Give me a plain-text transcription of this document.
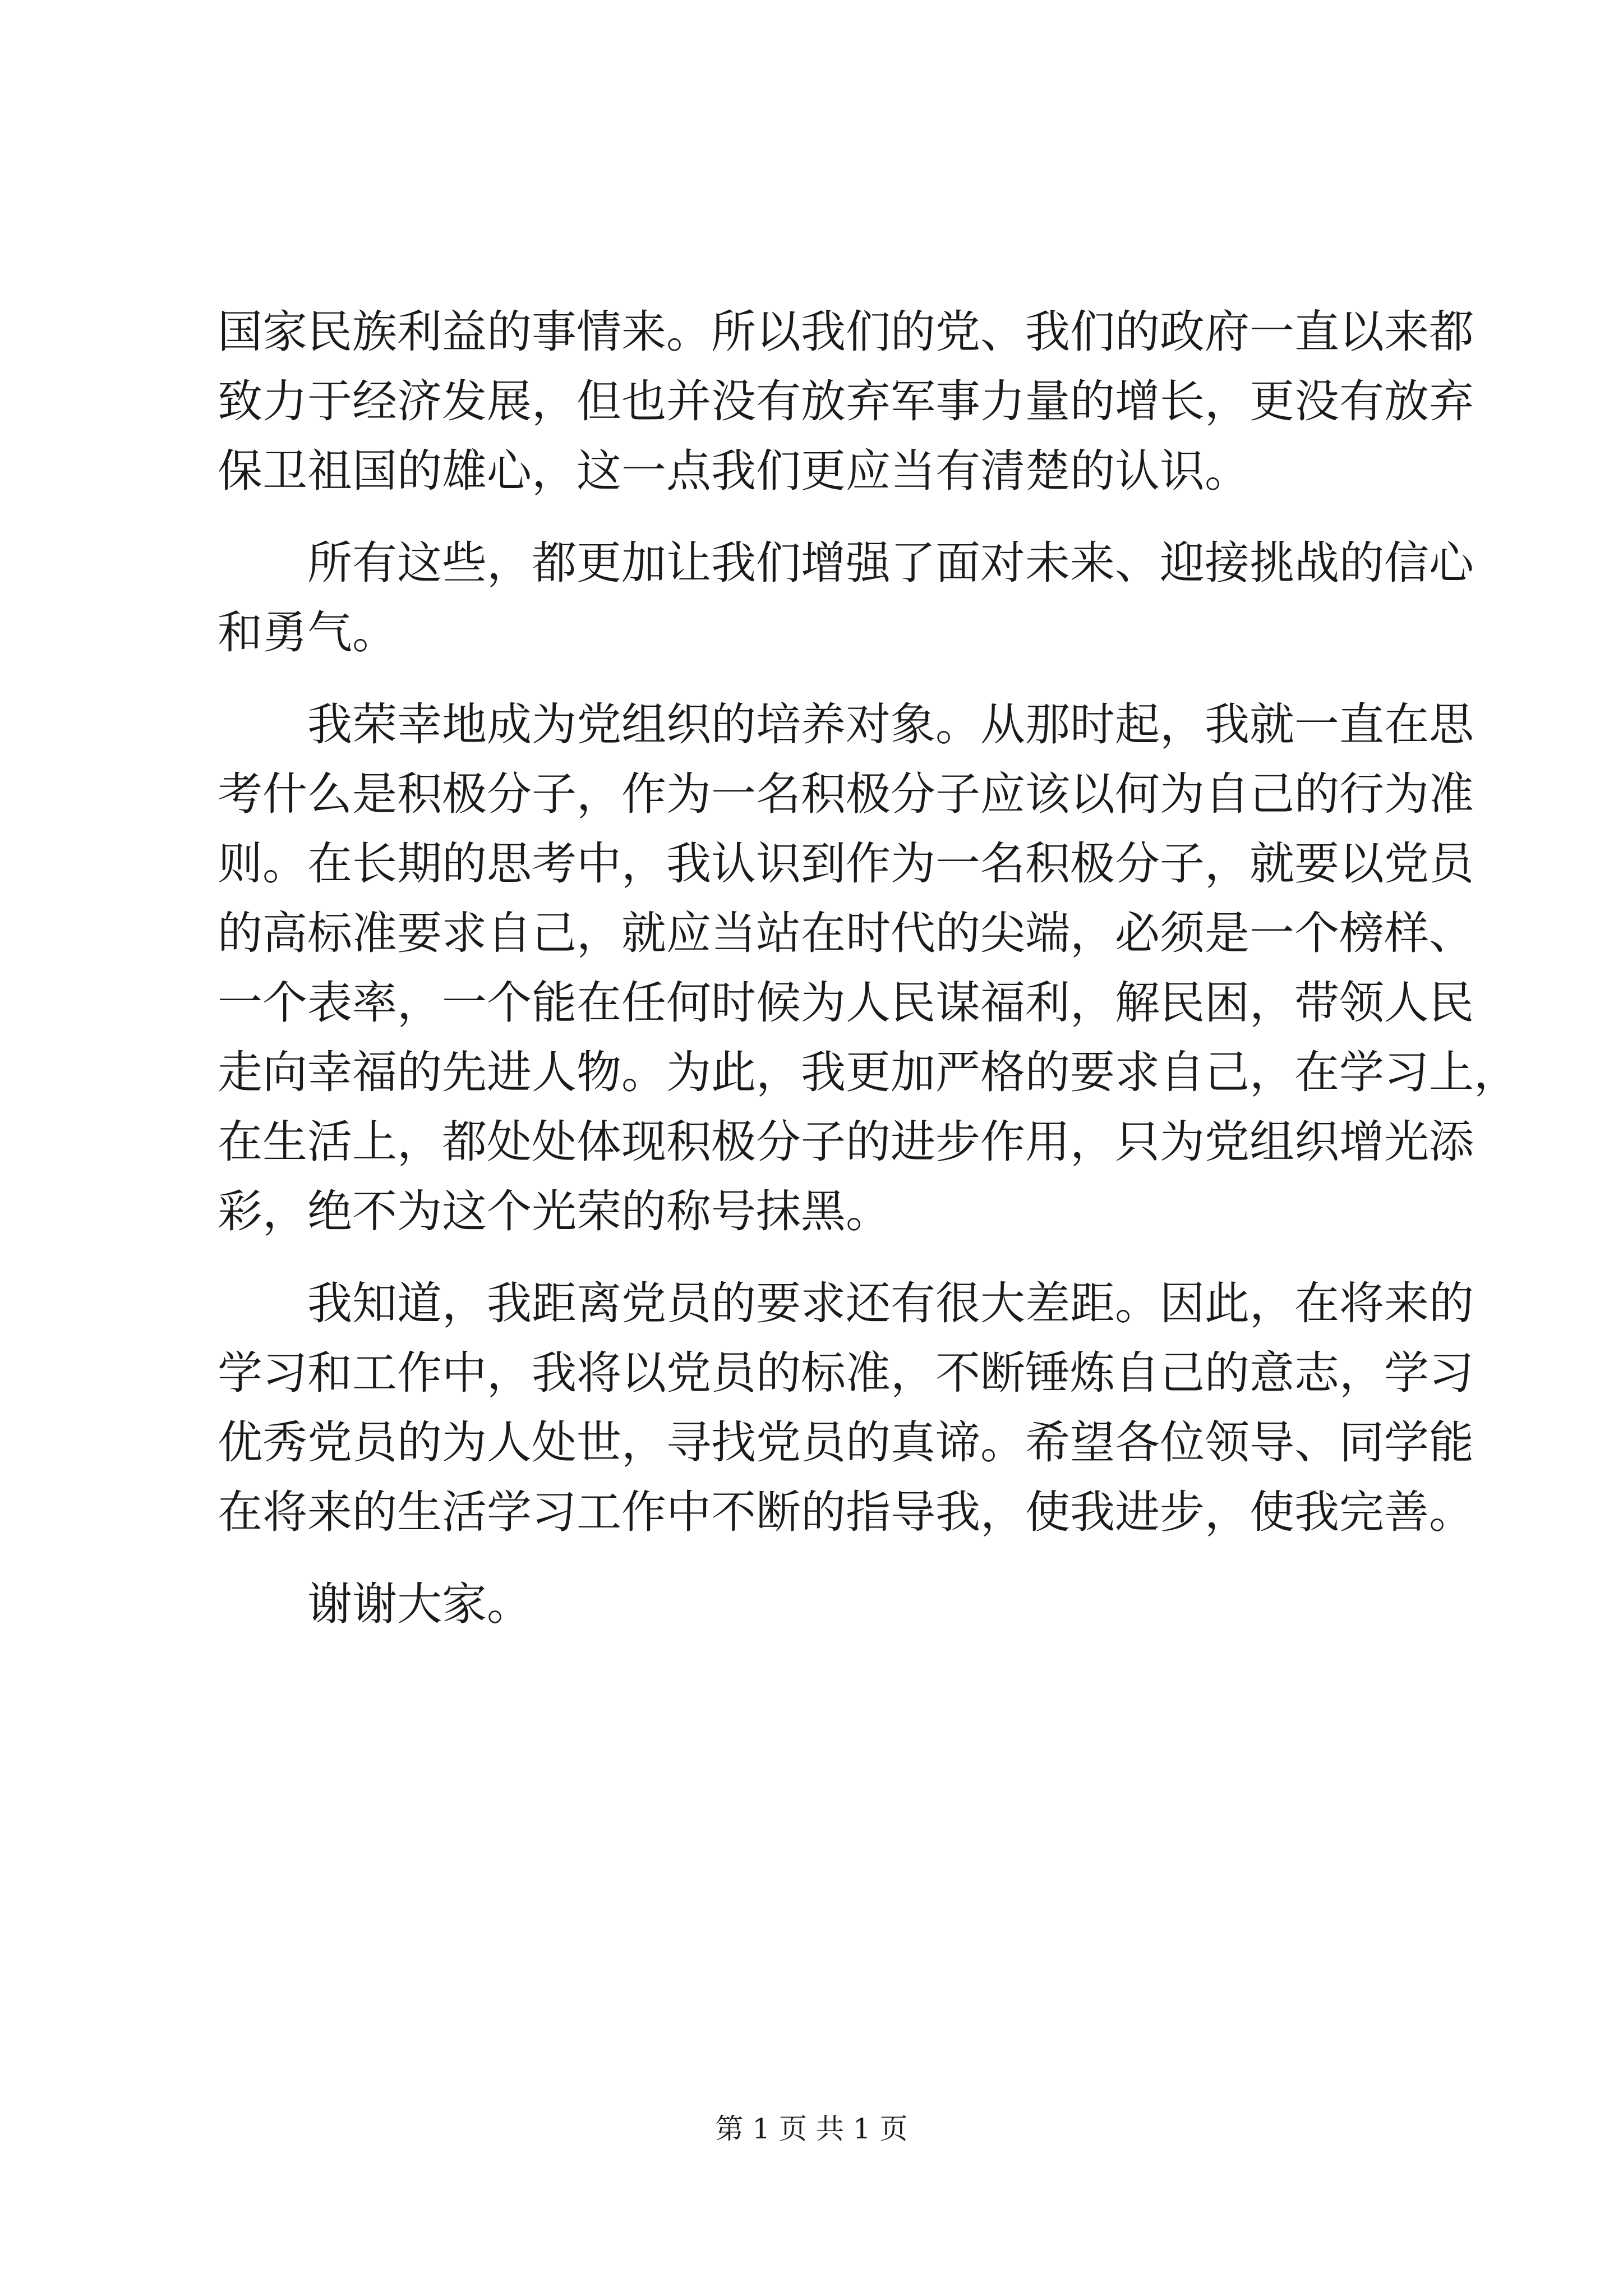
国家民族利益的事情来。所以我们的党、我们的政府一直以来都
致力于经济发展，但也并没有放弃军事力量的增长，更没有放弃
保卫祖国的雄心，这一点我们更应当有清楚的认识。
所有这些，都更加让我们增强了面对未来、迎接挑战的信心
和勇气。
我荣幸地成为党组织的培养对象。从那时起，我就一直在思
考什么是积极分子，作为一名积极分子应该以何为自己的行为准
则。在长期的思考中，我认识到作为一名积极分子，就要以党员
的高标准要求自己，就应当站在时代的尖端，必须是一个榜样、
一个表率，一个能在任何时候为人民谋福利，解民困，带领人民
走向幸福的先进人物。为此，我更加严格的要求自己，在学习上，
在生活上，都处处体现积极分子的进步作用，只为党组织增光添
彩，绝不为这个光荣的称号抹黑。
我知道，我距离党员的要求还有很大差距。因此，在将来的
学习和工作中，我将以党员的标准，不断锤炼自己的意志，学习
优秀党员的为人处世，寻找党员的真谛。希望各位领导、同学能
在将来的生活学习工作中不断的指导我，使我进步，使我完善。
谢谢大家。
第 1 页 共 1 页
